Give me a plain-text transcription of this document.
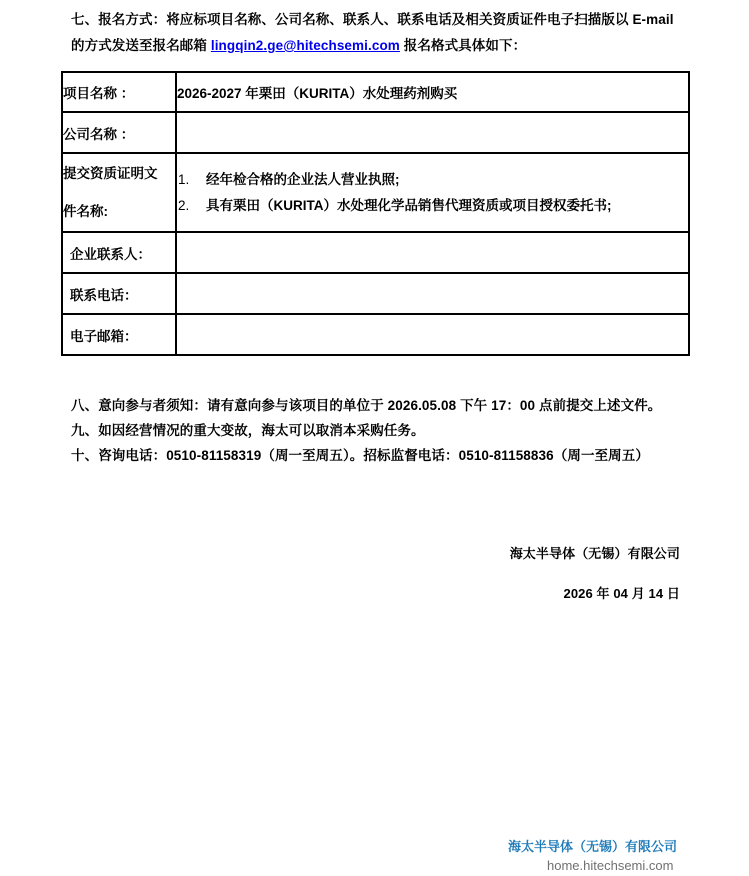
七、报名方式：将应标项目名称、公司名称、联系人、联系电话及相关资质证件电子扫描版以 E-mail
的方式发送至报名邮箱 lingqin2.ge@hitechsemi.com 报名格式具体如下：
项目名称 ：	2026-2027 年栗田（KURITA）水处理药剂购买
公司名称 ：	

提交资质证明文
件名称:	1. 经年检合格的企业法人营业执照;
2. 具有栗田（KURITA）水处理化学品销售代理资质或项目授权委托书;

企业联系人：	
联系电话：	
电子邮箱：	
八、意向参与者须知：请有意向参与该项目的单位于 2026.05.08 下午 17：00 点前提交上述文件。
九、如因经营情况的重大变故，海太可以取消本采购任务。
十、咨询电话：0510-81158319（周一至周五）。招标监督电话：0510-81158836（周一至周五）
海太半导体（无锡）有限公司
2026 年 04 月 14 日
海太半导体（无锡）有限公司
home.hitechsemi.com
